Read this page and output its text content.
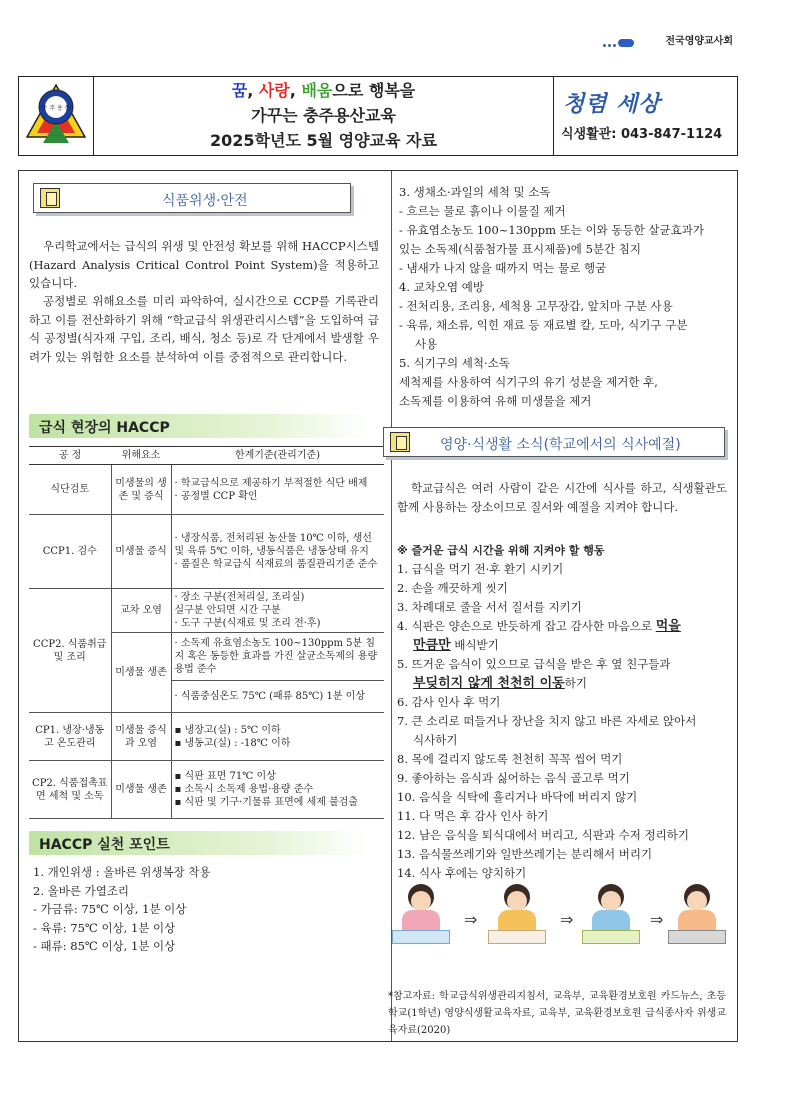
전국영양교사회
충 주 용 산
꿈, 사랑, 배움으로 행복을
가꾸는 충주용산교육
2025학년도 5월 영양교육 자료
청렴 세상
식생활관: 043-847-1124
식품위생·안전
우리학교에서는 급식의 위생 및 안전성 확보를 위해 HACCP시스템(Hazard Analysis Critical Control Point System)을 적용하고 있습니다.
공정별로 위해요소를 미리 파악하여, 실시간으로 CCP를 기록관리하고 이를 전산화하기 위해 “학교급식 위생관리시스템”을 도입하여 급식 공정별(식자재 구입, 조리, 배식, 청소 등)로 각 단계에서 발생할 우려가 있는 위험한 요소를 분석하여 이를 중점적으로 관리합니다.
급식 현장의 HACCP
공 정	위해요소	한계기준(관리기준)
식단검토	미생물의 생존 및 증식	· 학교급식으로 제공하기 부적절한 식단 배제
· 공정별 CCP 확인

CCP1. 검수	미생물 증식	· 냉장식품, 전처리된 농산물 10℃ 이하, 생선 및 육류 5℃ 이하, 냉동식품은 냉동상태 유지
· 품질은 학교급식 식재료의 품질관리기준 준수

CCP2. 식품취급 및 조리	교차 오염	· 장소 구분(전처리실, 조리실)
실구분 안되면 시간 구분
· 도구 구분(식재료 및 조리 전·후)

	미생물 생존	· 소독제 유효염소농도 100~130ppm 5분 침지 혹은 동등한 효과를 가진 살균소독제의 용량 용법 준수

		· 식품중심온도 75℃ (패류 85℃) 1분 이상

CP1. 냉장·냉동고 온도관리	미생물 증식과 오염	▪ 냉장고(실) : 5℃ 이하
▪ 냉동고(실) : -18℃ 이하

CP2. 식품접촉표면 세척 및 소독	미생물 생존	▪ 식판 표면 71℃ 이상
▪ 소독시 소독제 용법·용량 준수
▪ 식판 및 기구·기물류 표면에 세제 불검출
HACCP 실천 포인트
1. 개인위생 : 올바른 위생복장 착용
2. 올바른 가열조리
- 가금류: 75℃ 이상, 1분 이상
- 육류: 75℃ 이상, 1분 이상
- 패류: 85℃ 이상, 1분 이상
3. 생채소·과일의 세척 및 소독
- 흐르는 물로 흙이나 이물질 제거
- 유효염소농도 100~130ppm 또는 이와 동등한 살균효과가
있는 소독제(식품첨가물 표시제품)에 5분간 침지
- 냄새가 나지 않을 때까지 먹는 물로 헹굼
4. 교차오염 예방
- 전처리용, 조리용, 세척용 고무장갑, 앞치마 구분 사용
- 육류, 채소류, 익힌 재료 등 재료별 칼, 도마, 식기구 구분
사용
5. 식기구의 세척·소독
세척제를 사용하여 식기구의 유기 성분을 제거한 후,
소독제를 이용하여 유해 미생물을 제거
영양·식생활 소식(학교에서의 식사예절)
학교급식은 여러 사람이 같은 시간에 식사를 하고, 식생활관도 함께 사용하는 장소이므로 질서와 예절을 지켜야 합니다.
※ 즐거운 급식 시간을 위해 지켜야 할 행동
1. 급식을 먹기 전·후 환기 시키기
2. 손을 깨끗하게 씻기
3. 차례대로 줄을 서서 질서를 지키기
4. 식판은 양손으로 반듯하게 잡고 감사한 마음으로 먹을
만큼만 배식받기
5. 뜨거운 음식이 있으므로 급식을 받은 후 옆 친구들과
부딪히지 않게 천천히 이동하기
6. 감사 인사 후 먹기
7. 큰 소리로 떠들거나 장난을 치지 않고 바른 자세로 앉아서
식사하기
8. 목에 걸리지 않도록 천천히 꼭꼭 씹어 먹기
9. 좋아하는 음식과 싫어하는 음식 골고루 먹기
10. 음식을 식탁에 흘리거나 바닥에 버리지 않기
11. 다 먹은 후 감사 인사 하기
12. 남은 음식을 퇴식대에서 버리고, 식판과 수저 정리하기
13. 음식물쓰레기와 일반쓰레기는 분리해서 버리기
14. 식사 후에는 양치하기
⇒	⇒	⇒
*참고자료: 학교급식위생관리지침서, 교육부, 교육환경보호원 카드뉴스, 초등학교(1학년) 영양식생활교육자료, 교육부, 교육환경보호원 급식종사자 위생교육자료(2020)
